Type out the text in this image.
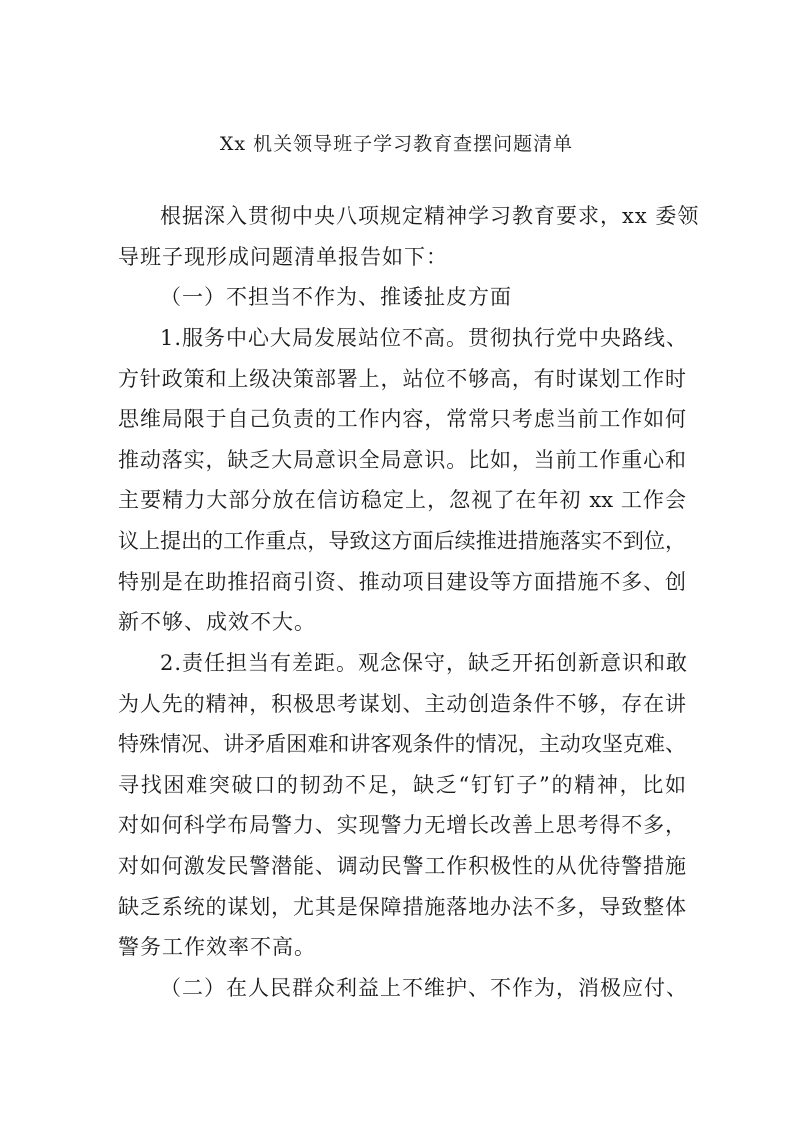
Xx 机关领导班子学习教育查摆问题清单
根据深入贯彻中央八项规定精神学习教育要求，xx 委领
导班子现形成问题清单报告如下：
（一）不担当不作为、推诿扯皮方面
1.服务中心大局发展站位不高。贯彻执行党中央路线、
方针政策和上级决策部署上，站位不够高，有时谋划工作时
思维局限于自己负责的工作内容，常常只考虑当前工作如何
推动落实，缺乏大局意识全局意识。比如，当前工作重心和
主要精力大部分放在信访稳定上，忽视了在年初 xx 工作会
议上提出的工作重点，导致这方面后续推进措施落实不到位，
特别是在助推招商引资、推动项目建设等方面措施不多、创
新不够、成效不大。
2.责任担当有差距。观念保守，缺乏开拓创新意识和敢
为人先的精神，积极思考谋划、主动创造条件不够，存在讲
特殊情况、讲矛盾困难和讲客观条件的情况，主动攻坚克难、
寻找困难突破口的韧劲不足，缺乏“钉钉子”的精神，比如
对如何科学布局警力、实现警力无增长改善上思考得不多，
对如何激发民警潜能、调动民警工作积极性的从优待警措施
缺乏系统的谋划，尤其是保障措施落地办法不多，导致整体
警务工作效率不高。
（二）在人民群众利益上不维护、不作为，消极应付、
